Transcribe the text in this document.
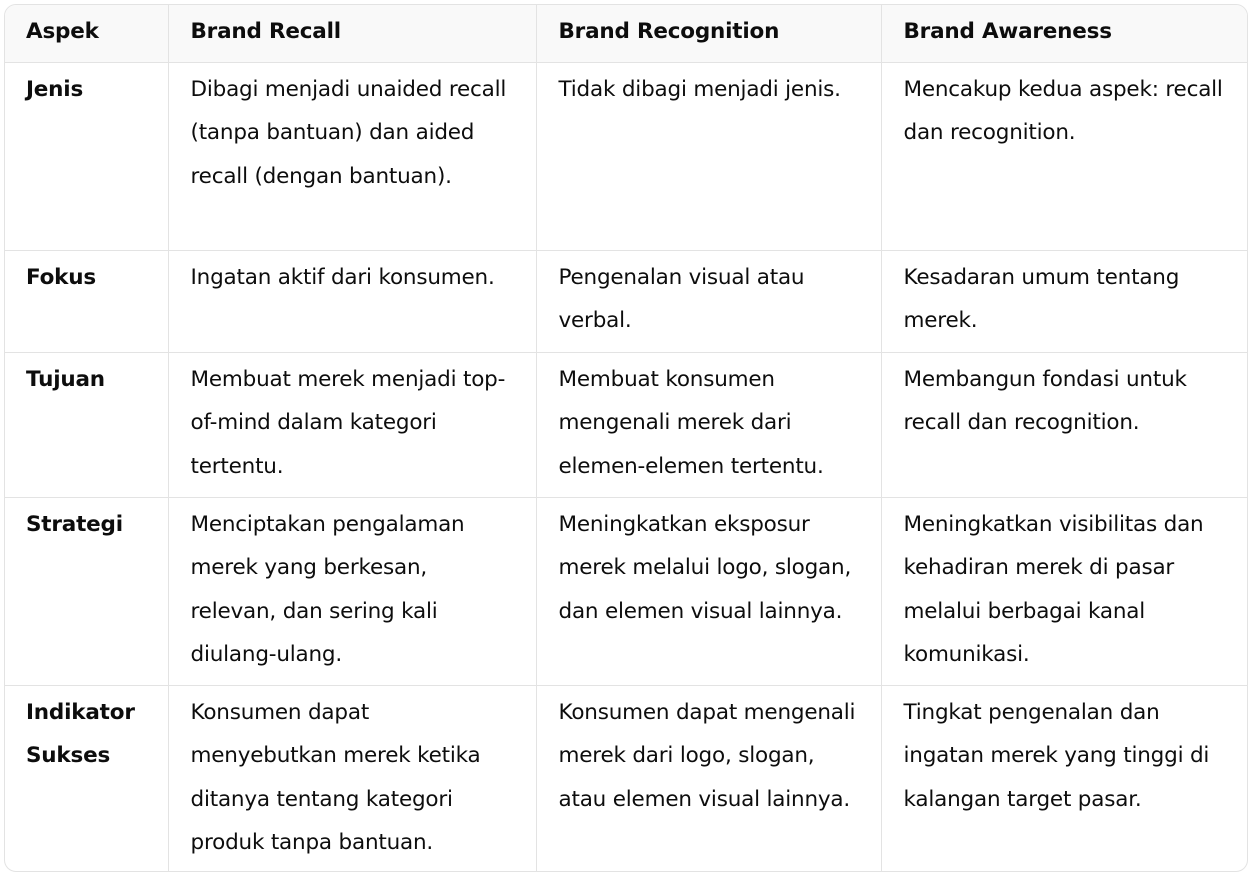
Aspek	Brand Recall	Brand Recognition	Brand Awareness
Jenis	Dibagi menjadi unaided recall (tanpa bantuan) dan aided recall (dengan bantuan).	Tidak dibagi menjadi jenis.	Mencakup kedua aspek: recall dan recognition.
Fokus	Ingatan aktif dari konsumen.	Pengenalan visual atau verbal.	Kesadaran umum tentang merek.
Tujuan	Membuat merek menjadi top-of-mind dalam kategori tertentu.	Membuat konsumen mengenali merek dari elemen-elemen tertentu.	Membangun fondasi untuk recall dan recognition.
Strategi	Menciptakan pengalaman merek yang berkesan, relevan, dan sering kali diulang-ulang.	Meningkatkan eksposur merek melalui logo, slogan, dan elemen visual lainnya.	Meningkatkan visibilitas dan kehadiran merek di pasar melalui berbagai kanal komunikasi.
Indikator Sukses	Konsumen dapat menyebutkan merek ketika ditanya tentang kategori produk tanpa bantuan.	Konsumen dapat mengenali merek dari logo, slogan, atau elemen visual lainnya.	Tingkat pengenalan dan ingatan merek yang tinggi di kalangan target pasar.
